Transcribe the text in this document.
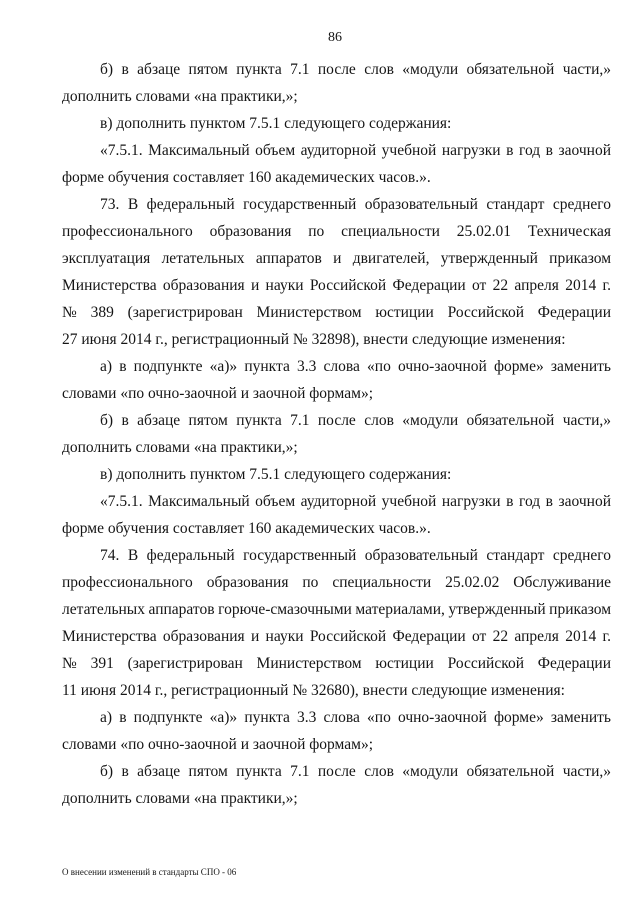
86
б) в абзаце пятом пункта 7.1 после слов «модули обязательной части,»
дополнить словами «на практики,»;
в) дополнить пунктом 7.5.1 следующего содержания:
«7.5.1. Максимальный объем аудиторной учебной нагрузки в год в заочной
форме обучения составляет 160 академических часов.».
73. В федеральный государственный образовательный стандарт среднего
профессионального образования по специальности 25.02.01 Техническая
эксплуатация летательных аппаратов и двигателей, утвержденный приказом
Министерства образования и науки Российской Федерации от 22 апреля 2014 г.
№ 389 (зарегистрирован Министерством юстиции Российской Федерации
27 июня 2014 г., регистрационный № 32898), внести следующие изменения:
а) в подпункте «а)» пункта 3.3 слова «по очно-заочной форме» заменить
словами «по очно-заочной и заочной формам»;
б) в абзаце пятом пункта 7.1 после слов «модули обязательной части,»
дополнить словами «на практики,»;
в) дополнить пунктом 7.5.1 следующего содержания:
«7.5.1. Максимальный объем аудиторной учебной нагрузки в год в заочной
форме обучения составляет 160 академических часов.».
74. В федеральный государственный образовательный стандарт среднего
профессионального образования по специальности 25.02.02 Обслуживание
летательных аппаратов горюче-смазочными материалами, утвержденный приказом
Министерства образования и науки Российской Федерации от 22 апреля 2014 г.
№ 391 (зарегистрирован Министерством юстиции Российской Федерации
11 июня 2014 г., регистрационный № 32680), внести следующие изменения:
а) в подпункте «а)» пункта 3.3 слова «по очно-заочной форме» заменить
словами «по очно-заочной и заочной формам»;
б) в абзаце пятом пункта 7.1 после слов «модули обязательной части,»
дополнить словами «на практики,»;
О внесении изменений в стандарты СПО - 06
